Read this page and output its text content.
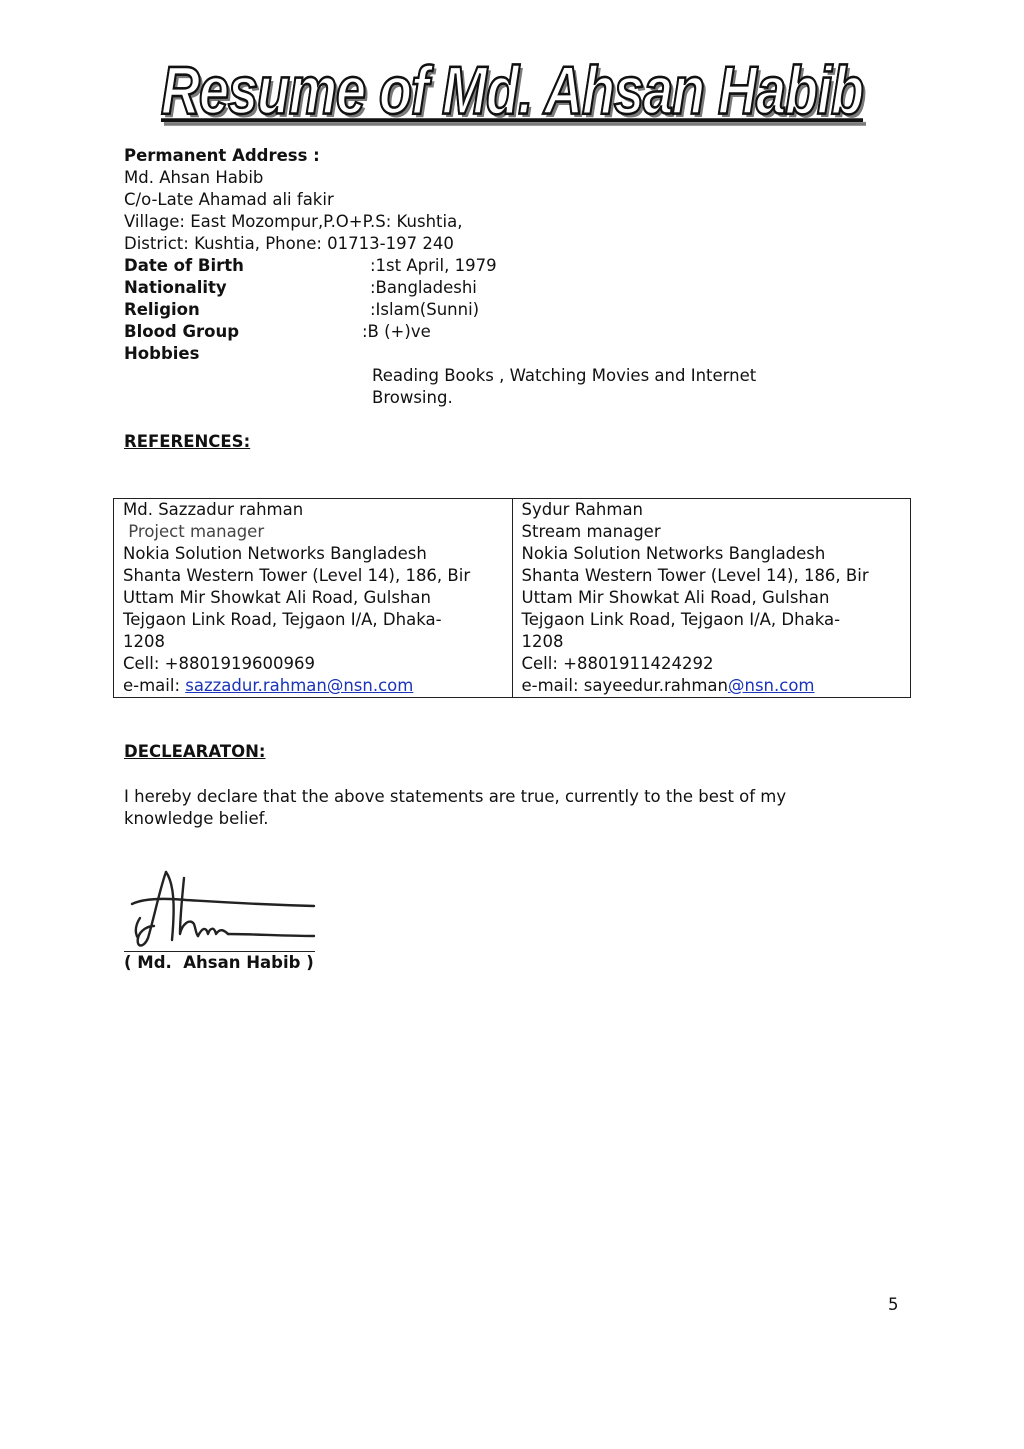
Resume of Md. Ahsan Habib
Permanent Address :
Md. Ahsan Habib
C/o-Late Ahamad ali fakir
Village: East Mozompur,P.O+P.S: Kushtia,
District: Kushtia, Phone: 01713-197 240
Date of Birth	:1st April, 1979
Nationality	:Bangladeshi
Religion	:Islam(Sunni)
Blood Group	:B (+)ve
Hobbies
Reading Books , Watching Movies and Internet
Browsing.
REFERENCES:
Md. Sazzadur rahman
Project manager
Nokia Solution Networks Bangladesh
Shanta Western Tower (Level 14), 186, Bir
Uttam Mir Showkat Ali Road, Gulshan
Tejgaon Link Road, Tejgaon I/A, Dhaka-
1208
Cell: +8801919600969
e-mail: sazzadur.rahman@nsn.com

Sydur Rahman
Stream manager
Nokia Solution Networks Bangladesh
Shanta Western Tower (Level 14), 186, Bir
Uttam Mir Showkat Ali Road, Gulshan
Tejgaon Link Road, Tejgaon I/A, Dhaka-
1208
Cell: +8801911424292
e-mail: sayeedur.rahman@nsn.com
DECLEARATON:
I hereby declare that the above statements are true, currently to the best of my
knowledge belief.
( Md.  Ahsan Habib )
5
